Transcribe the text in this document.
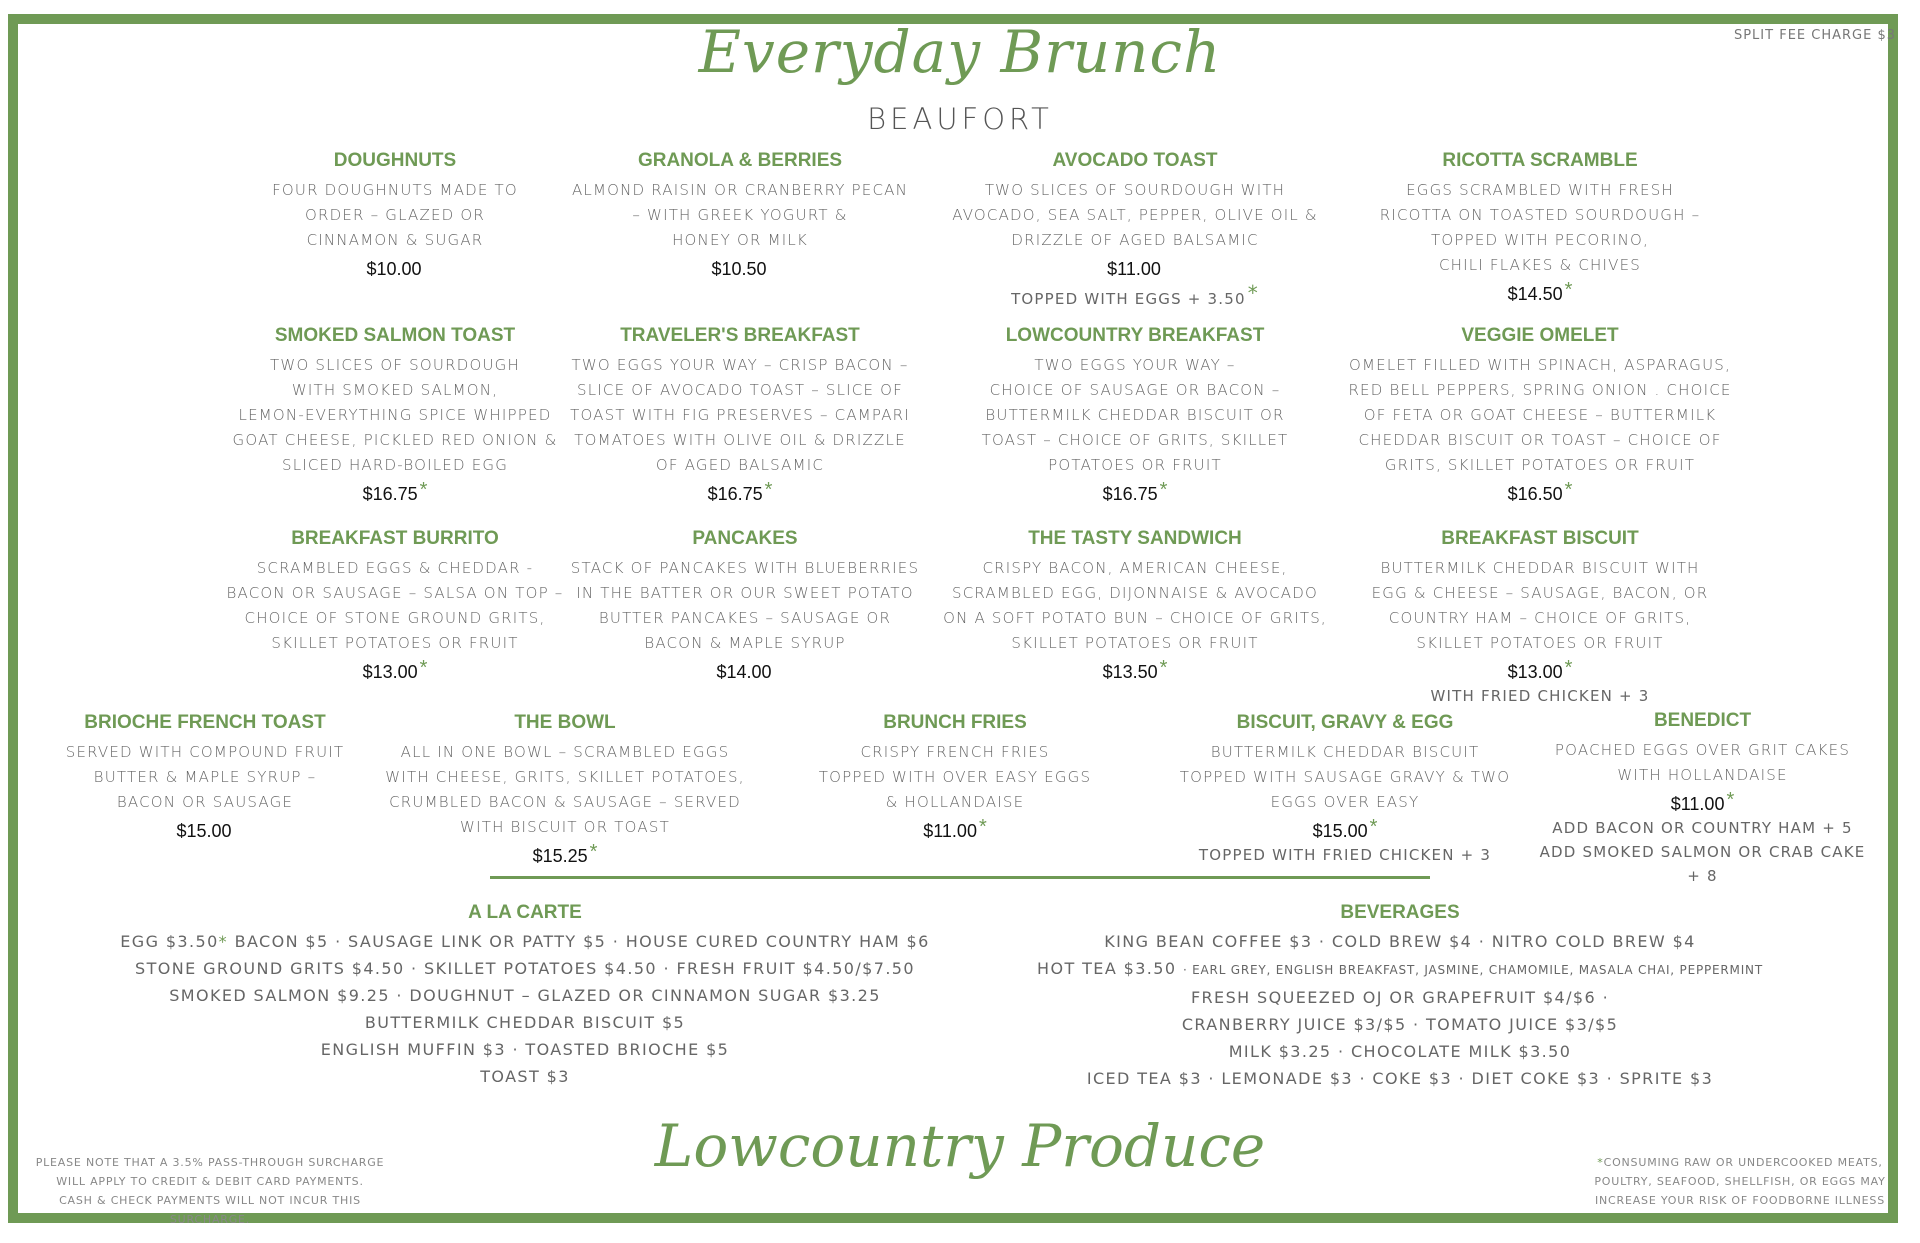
SPLIT FEE CHARGE $3
Everyday Brunch
BEAUFORT
DOUGHNUTS
FOUR DOUGHNUTS MADE TO
ORDER – GLAZED OR
CINNAMON & SUGAR
$10.00
GRANOLA & BERRIES
ALMOND RAISIN OR CRANBERRY PECAN
– WITH GREEK YOGURT &
HONEY OR MILK
$10.50
AVOCADO TOAST
TWO SLICES OF SOURDOUGH WITH
AVOCADO, SEA SALT, PEPPER, OLIVE OIL &
DRIZZLE OF AGED BALSAMIC
$11.00
TOPPED WITH EGGS + 3.50 *
RICOTTA SCRAMBLE
EGGS SCRAMBLED WITH FRESH
RICOTTA ON TOASTED SOURDOUGH –
TOPPED WITH PECORINO,
CHILI FLAKES & CHIVES
$14.50 *
SMOKED SALMON TOAST
TWO SLICES OF SOURDOUGH
WITH SMOKED SALMON,
LEMON-EVERYTHING SPICE WHIPPED
GOAT CHEESE, PICKLED RED ONION &
SLICED HARD-BOILED EGG
$16.75 *
TRAVELER'S BREAKFAST
TWO EGGS YOUR WAY – CRISP BACON –
SLICE OF AVOCADO TOAST – SLICE OF
TOAST WITH FIG PRESERVES – CAMPARI
TOMATOES WITH OLIVE OIL & DRIZZLE
OF AGED BALSAMIC
$16.75 *
LOWCOUNTRY BREAKFAST
TWO EGGS YOUR WAY –
CHOICE OF SAUSAGE OR BACON –
BUTTERMILK CHEDDAR BISCUIT OR
TOAST – CHOICE OF GRITS, SKILLET
POTATOES OR FRUIT
$16.75 *
VEGGIE OMELET
OMELET FILLED WITH SPINACH, ASPARAGUS,
RED BELL PEPPERS, SPRING ONION . CHOICE
OF FETA OR GOAT CHEESE – BUTTERMILK
CHEDDAR BISCUIT OR TOAST – CHOICE OF
GRITS, SKILLET POTATOES OR FRUIT
$16.50 *
BREAKFAST BURRITO
SCRAMBLED EGGS & CHEDDAR -
BACON OR SAUSAGE – SALSA ON TOP –
CHOICE OF STONE GROUND GRITS,
SKILLET POTATOES OR FRUIT
$13.00 *
PANCAKES
STACK OF PANCAKES WITH BLUEBERRIES
IN THE BATTER OR OUR SWEET POTATO
BUTTER PANCAKES – SAUSAGE OR
BACON & MAPLE SYRUP
$14.00
THE TASTY SANDWICH
CRISPY BACON, AMERICAN CHEESE,
SCRAMBLED EGG, DIJONNAISE & AVOCADO
ON A SOFT POTATO BUN – CHOICE OF GRITS,
SKILLET POTATOES OR FRUIT
$13.50 *
BREAKFAST BISCUIT
BUTTERMILK CHEDDAR BISCUIT WITH
EGG & CHEESE – SAUSAGE, BACON, OR
COUNTRY HAM – CHOICE OF GRITS,
SKILLET POTATOES OR FRUIT
$13.00 *
WITH FRIED CHICKEN + 3
BRIOCHE FRENCH TOAST
SERVED WITH COMPOUND FRUIT
BUTTER & MAPLE SYRUP –
BACON OR SAUSAGE
$15.00
THE BOWL
ALL IN ONE BOWL – SCRAMBLED EGGS
WITH CHEESE, GRITS, SKILLET POTATOES,
CRUMBLED BACON & SAUSAGE – SERVED
WITH BISCUIT OR TOAST
$15.25 *
BRUNCH FRIES
CRISPY FRENCH FRIES
TOPPED WITH OVER EASY EGGS
& HOLLANDAISE
$11.00 *
BISCUIT, GRAVY & EGG
BUTTERMILK CHEDDAR BISCUIT
TOPPED WITH SAUSAGE GRAVY & TWO
EGGS OVER EASY
$15.00 *
TOPPED WITH FRIED CHICKEN + 3
BENEDICT
POACHED EGGS OVER GRIT CAKES
WITH HOLLANDAISE
$11.00 *
ADD BACON OR COUNTRY HAM + 5
ADD SMOKED SALMON OR CRAB CAKE + 8
A LA CARTE
EGG $3.50* BACON $5 · SAUSAGE LINK OR PATTY $5 · HOUSE CURED COUNTRY HAM $6
STONE GROUND GRITS $4.50 · SKILLET POTATOES $4.50 · FRESH FRUIT $4.50/$7.50
SMOKED SALMON $9.25 · DOUGHNUT – GLAZED OR CINNAMON SUGAR $3.25
BUTTERMILK CHEDDAR BISCUIT $5
ENGLISH MUFFIN $3 · TOASTED BRIOCHE $5
TOAST $3
BEVERAGES
KING BEAN COFFEE $3 · COLD BREW $4 · NITRO COLD BREW $4
HOT TEA $3.50 · EARL GREY, ENGLISH BREAKFAST, JASMINE, CHAMOMILE, MASALA CHAI, PEPPERMINT
FRESH SQUEEZED OJ OR GRAPEFRUIT $4/$6 ·
CRANBERRY JUICE $3/$5 · TOMATO JUICE $3/$5
MILK $3.25 · CHOCOLATE MILK $3.50
ICED TEA $3 · LEMONADE $3 · COKE $3 · DIET COKE $3 · SPRITE $3
PLEASE NOTE THAT A 3.5% PASS-THROUGH SURCHARGE
WILL APPLY TO CREDIT & DEBIT CARD PAYMENTS.
CASH & CHECK PAYMENTS WILL NOT INCUR THIS SURCHARGE.
Lowcountry Produce	*CONSUMING RAW OR UNDERCOOKED MEATS,
POULTRY, SEAFOOD, SHELLFISH, OR EGGS MAY
INCREASE YOUR RISK OF FOODBORNE ILLNESS
